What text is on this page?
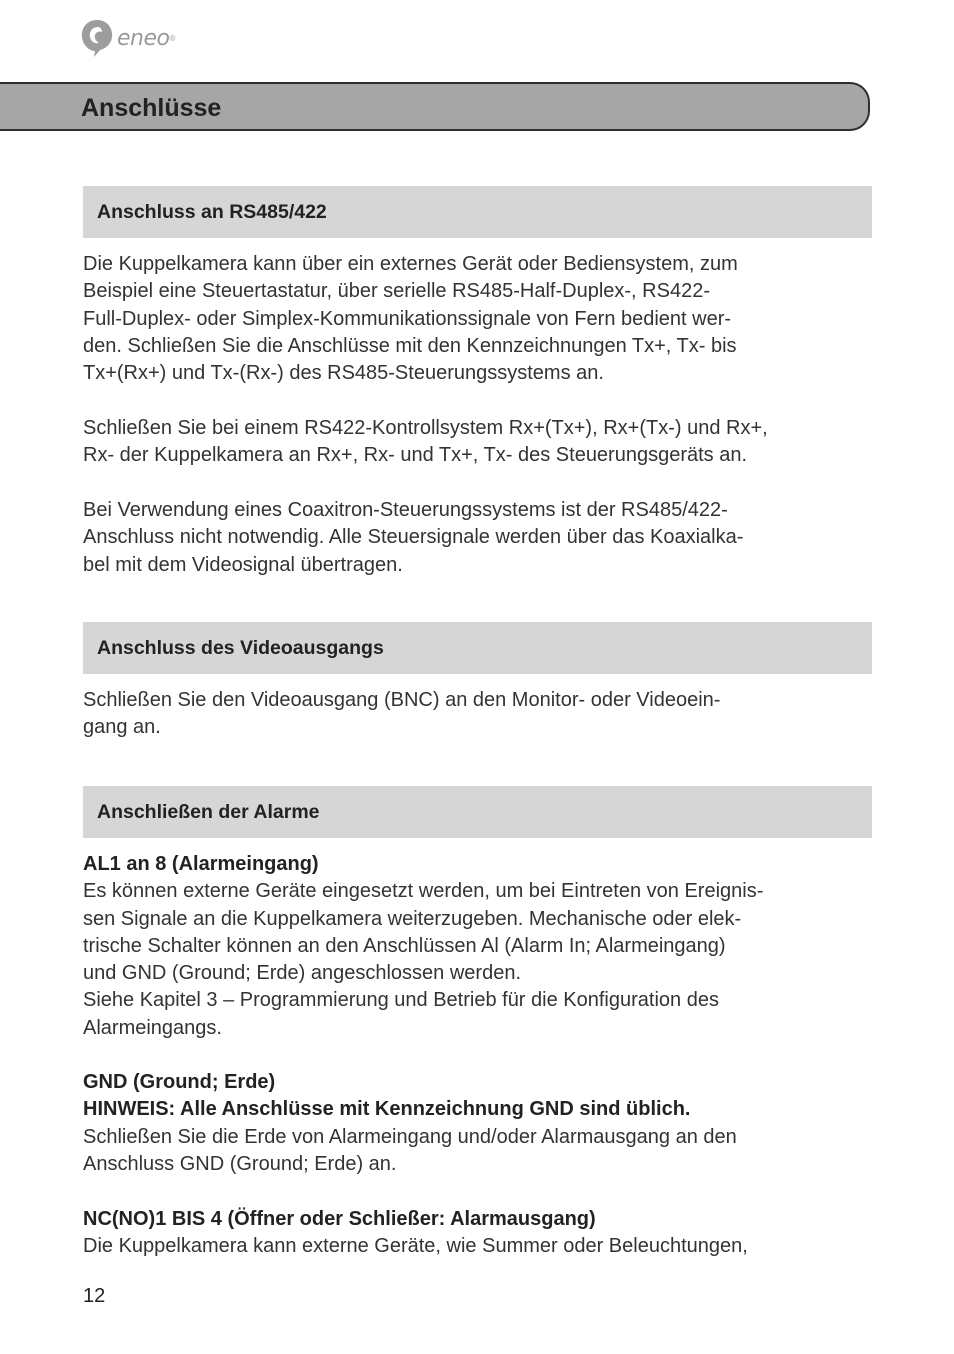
eneo ®
Anschlüsse
Anschluss an RS485/422

Die Kuppelkamera kann über ein externes Gerät oder Bediensystem, zum
Beispiel eine Steuertastatur, über serielle RS485-Half-Duplex-, RS422-
Full-Duplex- oder Simplex-Kommunikationssignale von Fern bedient wer-
den. Schließen Sie die Anschlüsse mit den Kennzeichnungen Tx+, Tx- bis
Tx+(Rx+) und Tx-(Rx-) des RS485-Steuerungssystems an.

Schließen Sie bei einem RS422-Kontrollsystem Rx+(Tx+), Rx+(Tx-) und Rx+,
Rx- der Kuppelkamera an Rx+, Rx- und Tx+, Tx- des Steuerungsgeräts an.

Bei Verwendung eines Coaxitron-Steuerungssystems ist der RS485/422-
Anschluss nicht notwendig. Alle Steuersignale werden über das Koaxialka-
bel mit dem Videosignal übertragen.

Anschluss des Videoausgangs

Schließen Sie den Videoausgang (BNC) an den Monitor- oder Videoein-
gang an.

Anschließen der Alarme

AL1 an 8 (Alarmeingang)
Es können externe Geräte eingesetzt werden, um bei Eintreten von Ereignis-
sen Signale an die Kuppelkamera weiterzugeben. Mechanische oder elek-
trische Schalter können an den Anschlüssen Al (Alarm In; Alarmeingang)
und GND (Ground; Erde) angeschlossen werden.
Siehe Kapitel 3 – Programmierung und Betrieb für die Konfiguration des
Alarmeingangs.

GND (Ground; Erde)
HINWEIS: Alle Anschlüsse mit Kennzeichnung GND sind üblich.
Schließen Sie die Erde von Alarmeingang und/oder Alarmausgang an den
Anschluss GND (Ground; Erde) an.

NC(NO)1 BIS 4 (Öffner oder Schließer: Alarmausgang)
Die Kuppelkamera kann externe Geräte, wie Summer oder Beleuchtungen,

12
